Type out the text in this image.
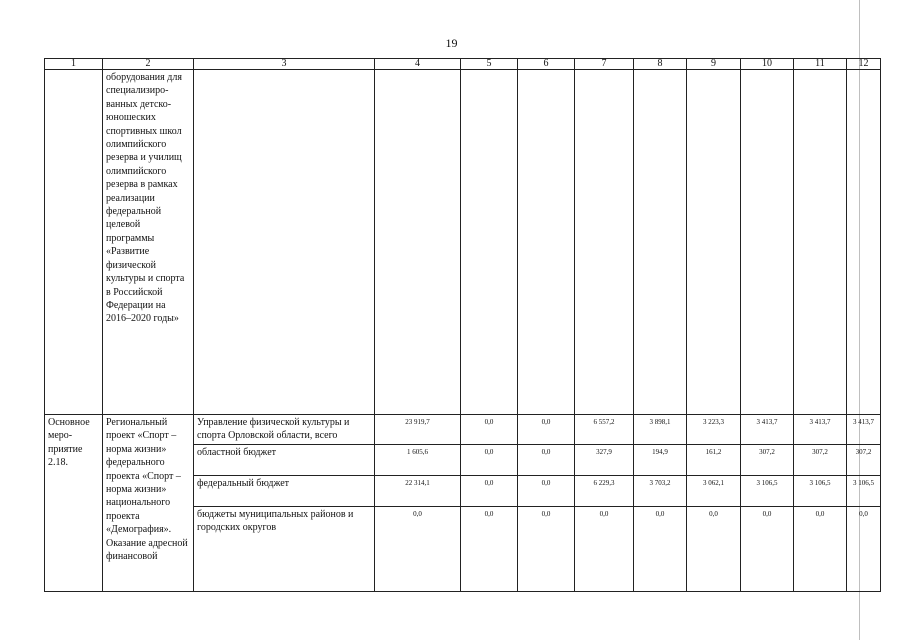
19
1	2	3	4	5	6	7	8	9	10	11	12
	оборудования для специализиро-ванных детско-юношеских спортивных школ олимпийского резерва и училищ олимпийского резерва в рамках реализации федеральной целевой программы «Развитие физической культуры и спорта в Российской Федерации на 2016–2020 годы»										
Основное меро-приятие 2.18.	Региональный проект «Спорт – норма жизни» федерального проекта «Спорт – норма жизни» национального проекта «Демография». Оказание адресной финансовой	Управление физической культуры и спорта Орловской области, всего	23 919,7	0,0	0,0	6 557,2	3 898,1	3 223,3	3 413,7	3 413,7	3 413,7
		областной бюджет	1 605,6	0,0	0,0	327,9	194,9	161,2	307,2	307,2	307,2
		федеральный бюджет	22 314,1	0,0	0,0	6 229,3	3 703,2	3 062,1	3 106,5	3 106,5	3 106,5
		бюджеты муниципальных районов и городских округов	0,0	0,0	0,0	0,0	0,0	0,0	0,0	0,0	0,0
